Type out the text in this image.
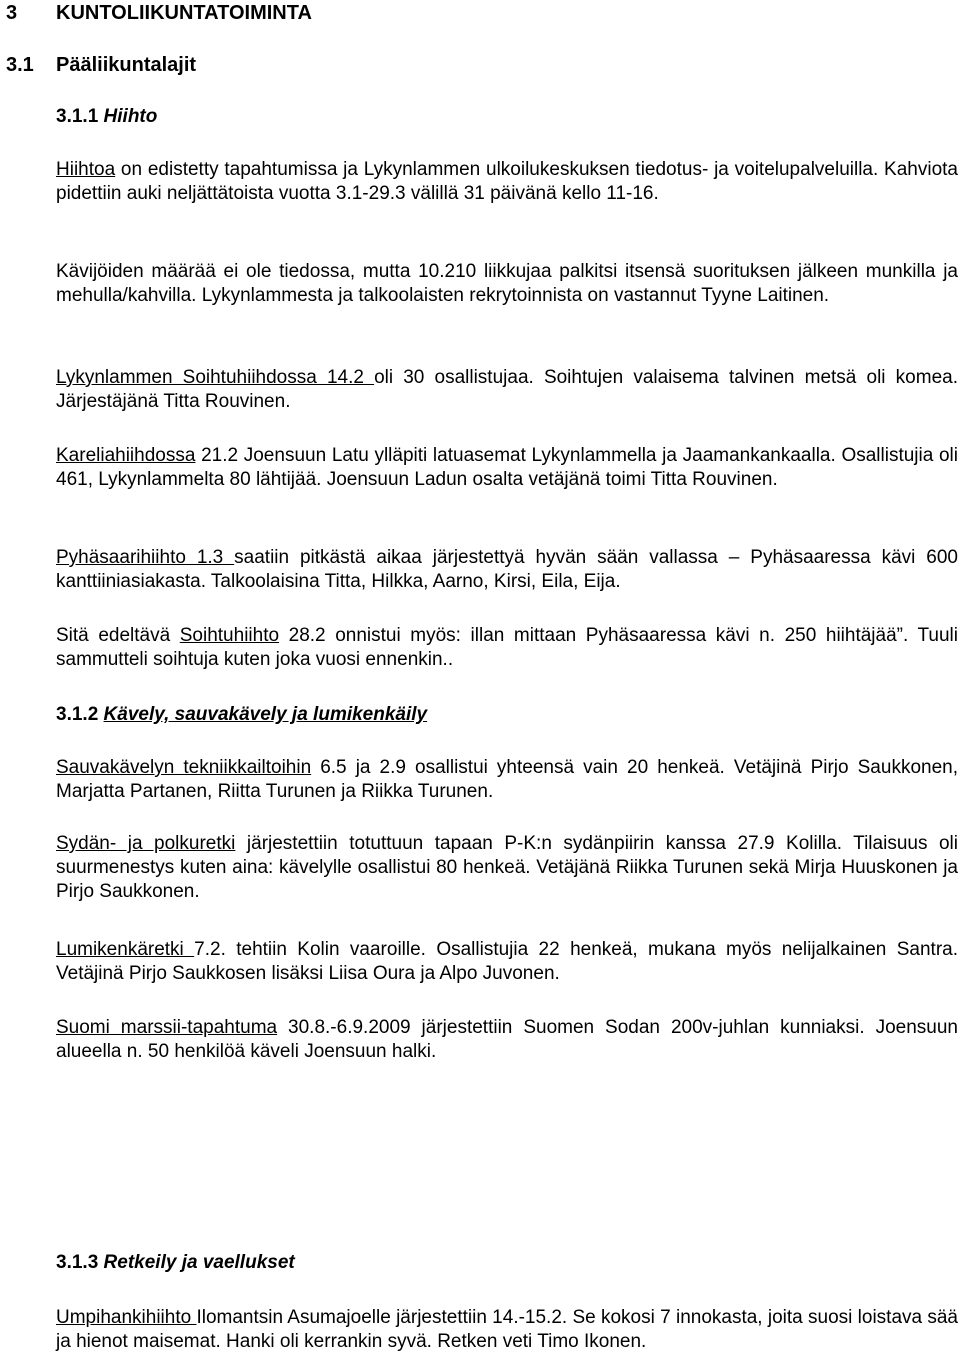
3 KUNTOLIIKUNTATOIMINTA
3.1 Pääliikuntalajit
3.1.1 Hiihto

Hiihtoa on edistetty tapahtumissa ja Lykynlammen ulkoilukeskuksen tiedotus- ja voitelupalveluilla. Kahviota pidettiin auki neljättätoista vuotta 3.1-29.3 välillä 31 päivänä kello 11-16.

Kävijöiden määrää ei ole tiedossa, mutta 10.210 liikkujaa palkitsi itsensä suorituksen jälkeen munkilla ja mehulla/kahvilla. Lykynlammesta ja talkoolaisten rekrytoinnista on vastannut Tyyne Laitinen.

Lykynlammen Soihtuhiihdossa 14.2 oli 30 osallistujaa. Soihtujen valaisema talvinen metsä oli komea. Järjestäjänä Titta Rouvinen.

Kareliahiihdossa 21.2 Joensuun Latu ylläpiti latuasemat Lykynlammella ja Jaamankankaalla. Osallistujia oli 461, Lykynlammelta 80 lähtijää. Joensuun Ladun osalta vetäjänä toimi Titta Rouvinen.

Pyhäsaarihiihto 1.3 saatiin pitkästä aikaa järjestettyä hyvän sään vallassa – Pyhäsaaressa kävi 600 kanttiiniasiakasta. Talkoolaisina Titta, Hilkka, Aarno, Kirsi, Eila, Eija.

Sitä edeltävä Soihtuhiihto 28.2 onnistui myös: illan mittaan Pyhäsaaressa kävi n. 250 hiihtäjää”. Tuuli sammutteli soihtuja kuten joka vuosi ennenkin..

3.1.2 Kävely, sauvakävely ja lumikenkäily

Sauvakävelyn tekniikkailtoihin 6.5 ja 2.9 osallistui yhteensä vain 20 henkeä. Vetäjinä Pirjo Saukkonen, Marjatta Partanen, Riitta Turunen ja Riikka Turunen.

Sydän- ja polkuretki järjestettiin totuttuun tapaan P-K:n sydänpiirin kanssa 27.9 Kolilla. Tilaisuus oli suurmenestys kuten aina: kävelylle osallistui 80 henkeä. Vetäjänä Riikka Turunen sekä Mirja Huuskonen ja Pirjo Saukkonen.

Lumikenkäretki 7.2. tehtiin Kolin vaaroille. Osallistujia 22 henkeä, mukana myös nelijalkainen Santra. Vetäjinä Pirjo Saukkosen lisäksi Liisa Oura ja Alpo Juvonen.

Suomi marssii-tapahtuma 30.8.-6.9.2009 järjestettiin Suomen Sodan 200v-juhlan kunniaksi. Joensuun alueella n. 50 henkilöä käveli Joensuun halki.

3.1.3 Retkeily ja vaellukset

Umpihankihiihto Ilomantsin Asumajoelle järjestettiin 14.-15.2. Se kokosi 7 innokasta, joita suosi loistava sää ja hienot maisemat. Hanki oli kerrankin syvä. Retken veti Timo Ikonen.
